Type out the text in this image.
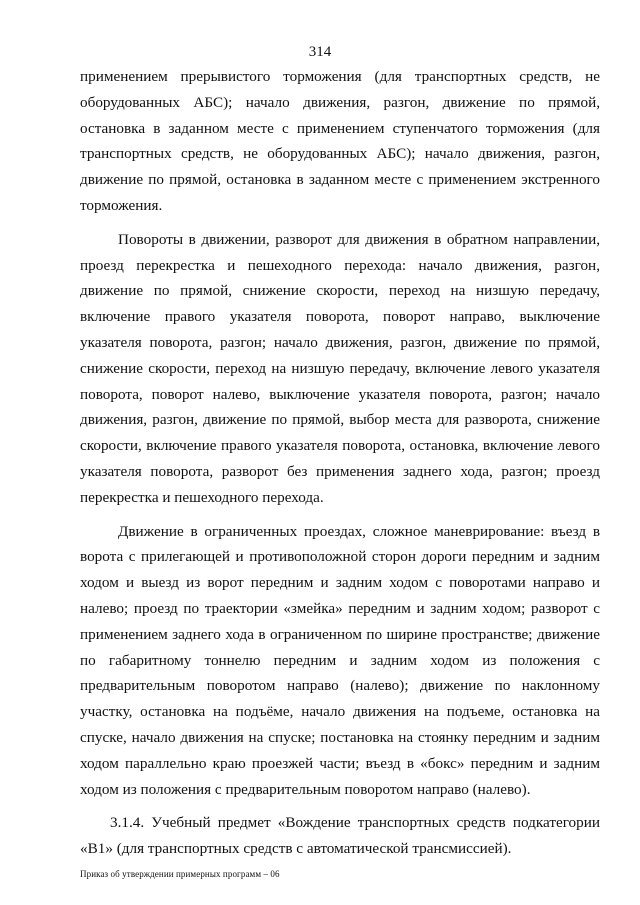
314

применением прерывистого торможения (для транспортных средств, не оборудованных АБС); начало движения, разгон, движение по прямой, остановка в заданном месте с применением ступенчатого торможения (для транспортных средств, не оборудованных АБС); начало движения, разгон, движение по прямой, остановка в заданном месте с применением экстренного торможения.

Повороты в движении, разворот для движения в обратном направлении, проезд перекрестка и пешеходного перехода: начало движения, разгон, движение по прямой, снижение скорости, переход на низшую передачу, включение правого указателя поворота, поворот направо, выключение указателя поворота, разгон; начало движения, разгон, движение по прямой, снижение скорости, переход на низшую передачу, включение левого указателя поворота, поворот налево, выключение указателя поворота, разгон; начало движения, разгон, движение по прямой, выбор места для разворота, снижение скорости, включение правого указателя поворота, остановка, включение левого указателя поворота, разворот без применения заднего хода, разгон; проезд перекрестка и пешеходного перехода.

Движение в ограниченных проездах, сложное маневрирование: въезд в ворота с прилегающей и противоположной сторон дороги передним и задним ходом и выезд из ворот передним и задним ходом с поворотами направо и налево; проезд по траектории «змейка» передним и задним ходом; разворот с применением заднего хода в ограниченном по ширине пространстве; движение по габаритному тоннелю передним и задним ходом из положения с предварительным поворотом направо (налево); движение по наклонному участку, остановка на подъёме, начало движения на подъеме, остановка на спуске, начало движения на спуске; постановка на стоянку передним и задним ходом параллельно краю проезжей части; въезд в «бокс» передним и задним ходом из положения с предварительным поворотом направо (налево).

3.1.4. Учебный предмет «Вождение транспортных средств подкатегории «В1» (для транспортных средств с автоматической трансмиссией).

Приказ об утверждении примерных программ – 06
